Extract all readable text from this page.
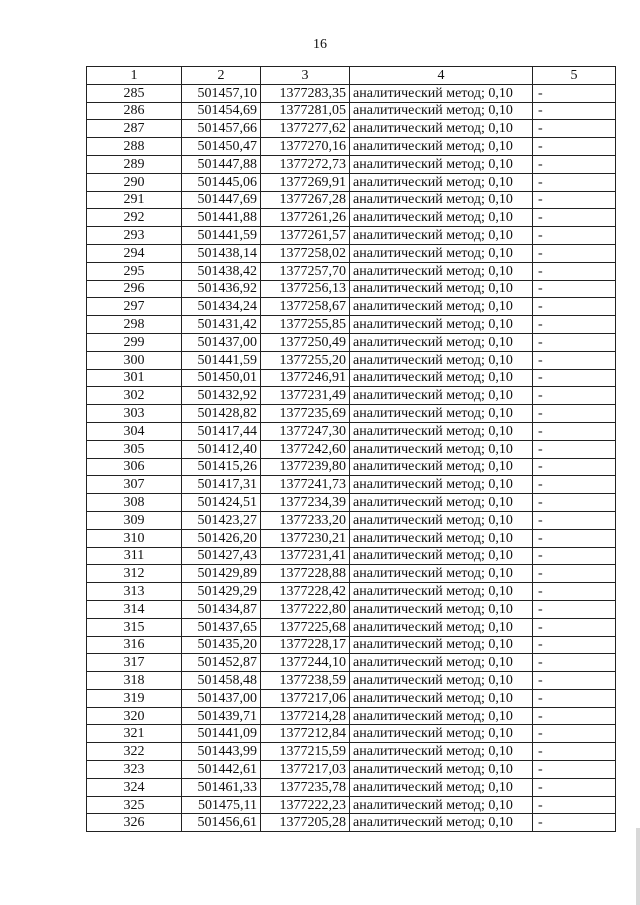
16
1	2	3	4	5
285	501457,10	1377283,35	аналитический метод; 0,10	-
286	501454,69	1377281,05	аналитический метод; 0,10	-
287	501457,66	1377277,62	аналитический метод; 0,10	-
288	501450,47	1377270,16	аналитический метод; 0,10	-
289	501447,88	1377272,73	аналитический метод; 0,10	-
290	501445,06	1377269,91	аналитический метод; 0,10	-
291	501447,69	1377267,28	аналитический метод; 0,10	-
292	501441,88	1377261,26	аналитический метод; 0,10	-
293	501441,59	1377261,57	аналитический метод; 0,10	-
294	501438,14	1377258,02	аналитический метод; 0,10	-
295	501438,42	1377257,70	аналитический метод; 0,10	-
296	501436,92	1377256,13	аналитический метод; 0,10	-
297	501434,24	1377258,67	аналитический метод; 0,10	-
298	501431,42	1377255,85	аналитический метод; 0,10	-
299	501437,00	1377250,49	аналитический метод; 0,10	-
300	501441,59	1377255,20	аналитический метод; 0,10	-
301	501450,01	1377246,91	аналитический метод; 0,10	-
302	501432,92	1377231,49	аналитический метод; 0,10	-
303	501428,82	1377235,69	аналитический метод; 0,10	-
304	501417,44	1377247,30	аналитический метод; 0,10	-
305	501412,40	1377242,60	аналитический метод; 0,10	-
306	501415,26	1377239,80	аналитический метод; 0,10	-
307	501417,31	1377241,73	аналитический метод; 0,10	-
308	501424,51	1377234,39	аналитический метод; 0,10	-
309	501423,27	1377233,20	аналитический метод; 0,10	-
310	501426,20	1377230,21	аналитический метод; 0,10	-
311	501427,43	1377231,41	аналитический метод; 0,10	-
312	501429,89	1377228,88	аналитический метод; 0,10	-
313	501429,29	1377228,42	аналитический метод; 0,10	-
314	501434,87	1377222,80	аналитический метод; 0,10	-
315	501437,65	1377225,68	аналитический метод; 0,10	-
316	501435,20	1377228,17	аналитический метод; 0,10	-
317	501452,87	1377244,10	аналитический метод; 0,10	-
318	501458,48	1377238,59	аналитический метод; 0,10	-
319	501437,00	1377217,06	аналитический метод; 0,10	-
320	501439,71	1377214,28	аналитический метод; 0,10	-
321	501441,09	1377212,84	аналитический метод; 0,10	-
322	501443,99	1377215,59	аналитический метод; 0,10	-
323	501442,61	1377217,03	аналитический метод; 0,10	-
324	501461,33	1377235,78	аналитический метод; 0,10	-
325	501475,11	1377222,23	аналитический метод; 0,10	-
326	501456,61	1377205,28	аналитический метод; 0,10	-
